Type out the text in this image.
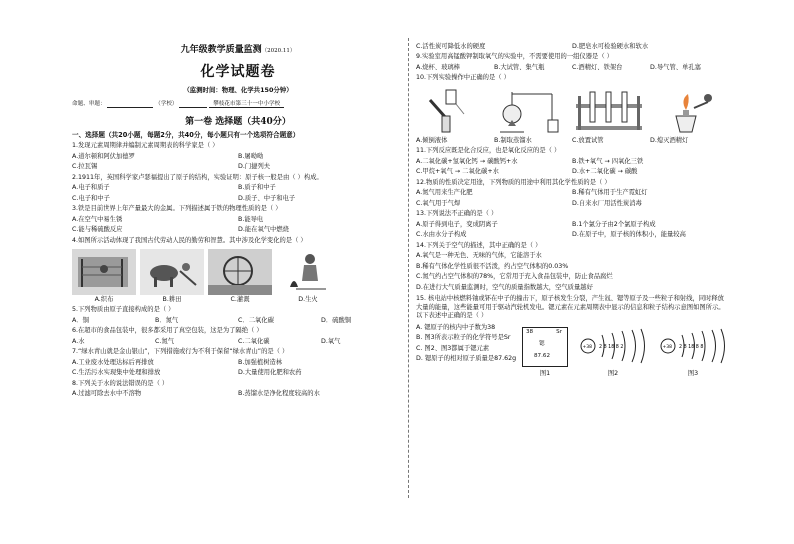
九年级教学质量监测（2020.11）
化学试题卷
（监测时间：物理、化学共150分钟）
命题、审题：	（学校）	攀枝花市第三十一中小学校
第一卷 选择题（共40分）
一、选择题（共20小题，每题2分，共40分，每小题只有一个选项符合题意）
1.发现元素周期律并编制元素周期表的科学家是（ ）
A.道尔顿和阿伏加德罗	B.屠呦呦
C.拉瓦锡	D.门捷列夫
2.1911年，英国科学家卢瑟福提出了原子的结构，实验证明：原子核一般是由（ ）构成。
A.电子和质子	B.质子和中子
C.电子和中子	D.质子、中子和电子
3.铁是目前世界上年产量最大的金属。下列描述属于铁的物理性质的是（ ）
A.在空气中易生锈	B.能导电
C.能与稀硫酸反应	D.能在氧气中燃烧
4.如图所示活动体现了我国古代劳动人民的勤劳和智慧。其中涉及化学变化的是（ ）
A.织布	B.耕田	C.灌溉	D.生火
5.下列物质由原子直接构成的是（ ）
A．铜	B．氮气	C．二氧化碳	D．硫酸铜
6.在超市的食品包装中，很多都采用了真空包装，这是为了隔绝（ ）
A.水	C.氮气	C.二氧化碳	D.氧气
7.“绿水青山就是金山银山”，下列措施或行为不利于保留“绿水青山”的是（ ）
A.工业废水处理达标后再排放	B.加强植树造林
C.生活污水实现集中处理和排放	D.大量使用化肥和农药
8.下列关于水的说法错误的是（ ）
A.过滤可除去水中不溶物	B.蒸馏水是净化程度较高的水
C.活性炭可降低水的硬度	D.肥皂水可检验硬水和软水
9.实验室用高锰酸钾制取氧气的实验中，不需要使用的一组仪器是（ ）
A.烧杯、玻璃棒	B.大试管、集气瓶	C.酒精灯、铁架台	D.导气管、单孔塞
10.下列实验操作中正确的是（ ）
A.倾倒液体	B.制取蒸馏水	C.放置试管	D.熄灭酒精灯
11.下列反应既是化合反应，也是氧化反应的是（ ）
A.二氧化碳+氢氧化钙 → 碳酸钙+水	B.铁+氧气 → 四氧化三铁
C.甲烷+氧气 → 二氧化碳+水	D.水+二氧化碳 → 碳酸
12.物质的性质决定用途，下列物质的用途中利用其化学性质的是（ ）
A.氮气用来生产化肥	B.稀有气体用于生产霓虹灯
C.氧气用于气焊	D.自来水厂用活性炭消毒
13.下列说法不正确的是（ ）
A.原子得到电子，变成阴离子	B.1个氯分子由2个氯原子构成
C.水由水分子构成	D.在原子中，原子核的体积小，能量较高
14.下列关于空气的描述，其中正确的是（ ）
A.氧气是一种无色、无味的气体，它能溶于水
B.稀有气体化学性质很不活泼，约占空气体积的0.03%
C.氮气约占空气体积的78%，它常用于充入食品包装中，防止食品腐烂
D.在进行大气质量监测时，空气的质量指数越大，空气质量越好
15. 核电站中核燃料铀或钚在中子的撞击下，原子核发生分裂，产生氙、锶等原子及一些粒子和射线，同时释放大量的能量，这些能量可用于驱动汽轮机发电。锶元素在元素周期表中显示的信息和粒子结构示意图如图所示。以下表述中正确的是（ ）
A. 锶原子的核内中子数为38
B. 图3所表示粒子的化学符号是Sr
C. 图2、图3都属于锶元素
D. 锶原子的相对原子质量是87.62g
38	Sr
锶
87.62
图1
+38 2 8 18 8 2
图2
+38 2 8 18 8 8
图3
